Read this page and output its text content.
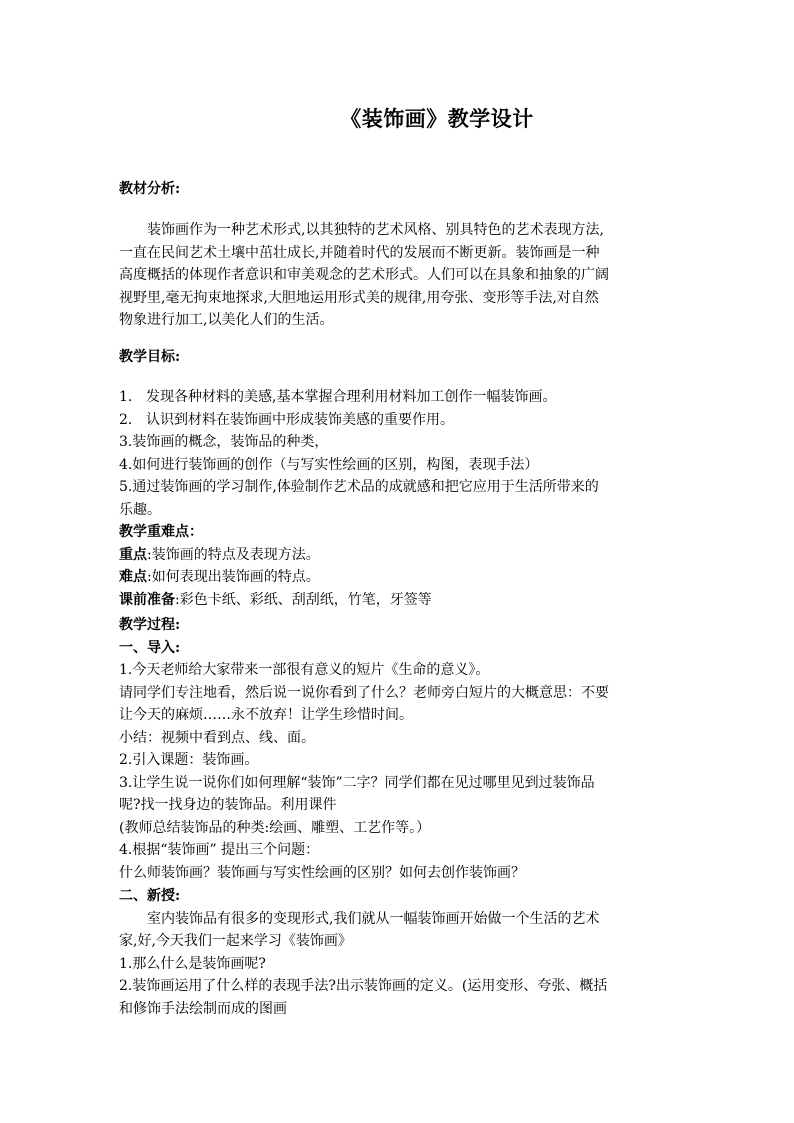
《装饰画》教学设计
教材分析:
装饰画作为一种艺术形式,以其独特的艺术风格、别具特色的艺术表现方法,
一直在民间艺术土壤中茁壮成长,并随着时代的发展而不断更新。装饰画是一种
高度概括的体现作者意识和审美观念的艺术形式。人们可以在具象和抽象的广阔
视野里,毫无拘束地探求,大胆地运用形式美的规律,用夸张、变形等手法,对自然
物象进行加工,以美化人们的生活。
教学目标:
1. 发现各种材料的美感,基本掌握合理利用材料加工创作一幅装饰画。
2. 认识到材料在装饰画中形成装饰美感的重要作用。
3.装饰画的概念，装饰品的种类，
4.如何进行装饰画的创作（与写实性绘画的区别，构图，表现手法）
5.通过装饰画的学习制作,体验制作艺术品的成就感和把它应用于生活所带来的
乐趣。
教学重难点：
重点:装饰画的特点及表现方法。
难点:如何表现出装饰画的特点。
课前准备:彩色卡纸、彩纸、刮刮纸，竹笔，牙签等
教学过程:
一、导入:
1.今天老师给大家带来一部很有意义的短片《生命的意义》。
请同学们专注地看，然后说一说你看到了什么？老师旁白短片的大概意思：不要
让今天的麻烦……永不放弃！让学生珍惜时间。
小结：视频中看到点、线、面。
2.引入课题：装饰画。
3.让学生说一说你们如何理解“装饰”二字？同学们都在见过哪里见到过装饰品
呢?找一找身边的装饰品。利用课件
(教师总结装饰品的种类:绘画、雕塑、工艺作等。）
4.根据“装饰画” 提出三个问题：
什么师装饰画？装饰画与写实性绘画的区别？如何去创作装饰画？
二、新授:
室内装饰品有很多的变现形式,我们就从一幅装饰画开始做一个生活的艺术
家,好,今天我们一起来学习《装饰画》
1.那么什么是装饰画呢?
2.装饰画运用了什么样的表现手法?出示装饰画的定义。(运用变形、夸张、概括
和修饰手法绘制而成的图画
